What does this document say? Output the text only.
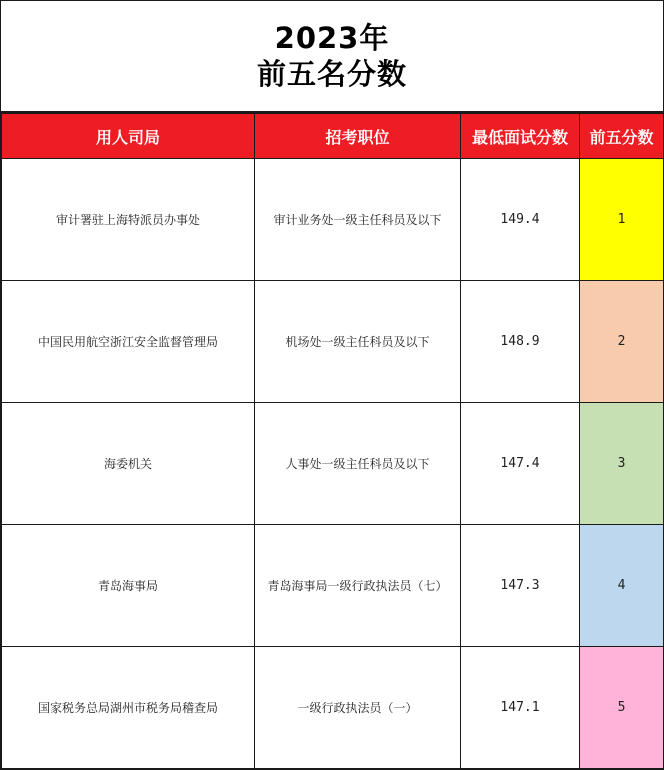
2023年
前五名分数
用人司局	招考职位	最低面试分数	前五分数
审计署驻上海特派员办事处	审计业务处一级主任科员及以下	149.4	1
中国民用航空浙江安全监督管理局	机场处一级主任科员及以下	148.9	2
海委机关	人事处一级主任科员及以下	147.4	3
青岛海事局	青岛海事局一级行政执法员（七）	147.3	4
国家税务总局湖州市税务局稽查局	一级行政执法员（一）	147.1	5
